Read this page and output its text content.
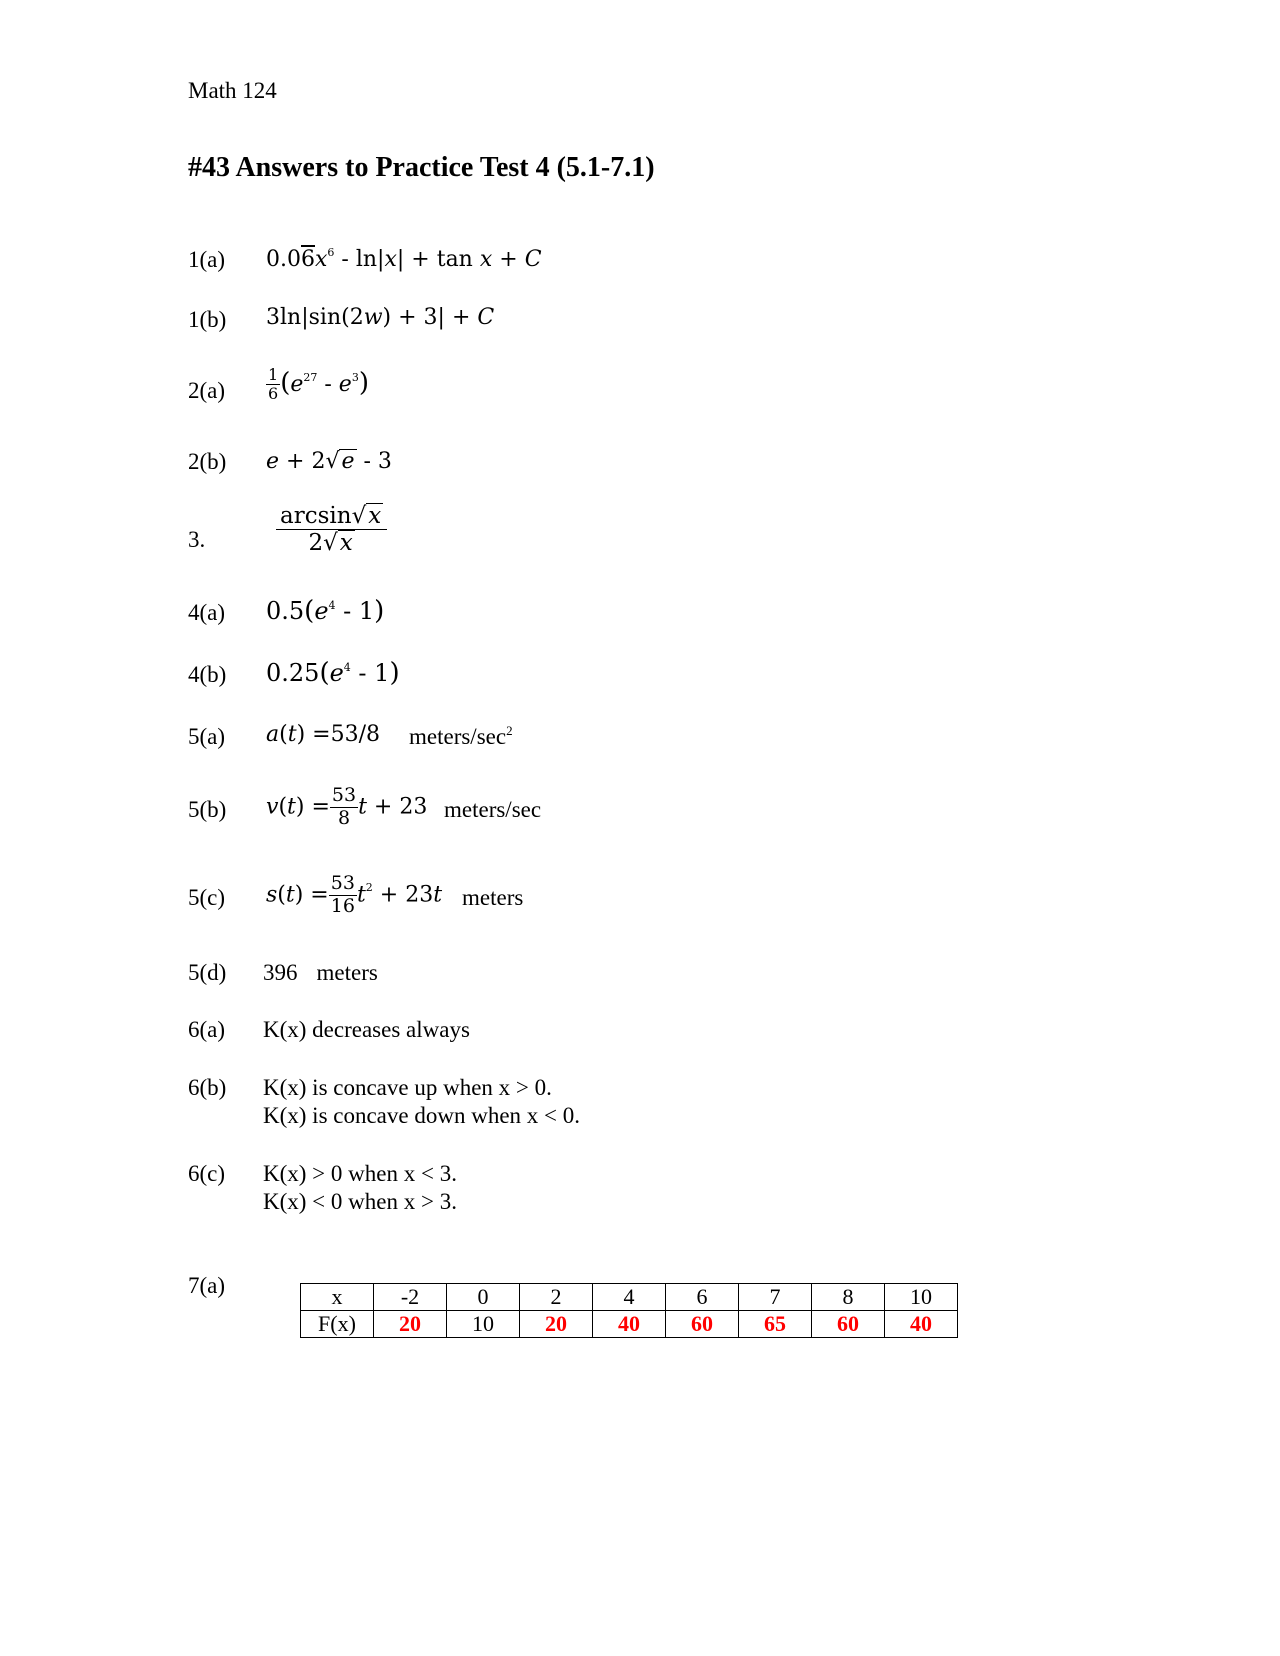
Math 124
#43 Answers to Practice Test 4 (5.1-7.1)
1(a) $0.06x^6 - \ln|x| + \tan x + C$
1(b) 3ln|sin(2w) + 3| + C
2(a)	$\frac{1}{6} (e^{27} - e^3)$
2(b) e + 2√e - 3
3.	$\frac{\arcsin√x}{2√x}$
4(a) $0.5(e^4 - 1)$
4(b) $0.25(e^4 - 1)$
5(a) a(t) =53/8 meters/$\sec^2$
5(b) $v(t) = \frac{53}{8}$ t + 23 meters/sec
5(c) $s(t) = \frac{53}{16} t^2 + 23t$ meters
5(d) 396 meters
6(a) K(x) decreases always
6(b) K(x) is concave up when x > 0.
K(x) is concave down when x < 0.
6(c) K(x) > 0 when x < 3.
K(x) < 0 when x > 3.
7(a)	x	-2	0	2	4	6	7	8	10
F(x)	20	10	20	40	60	65	60	40
